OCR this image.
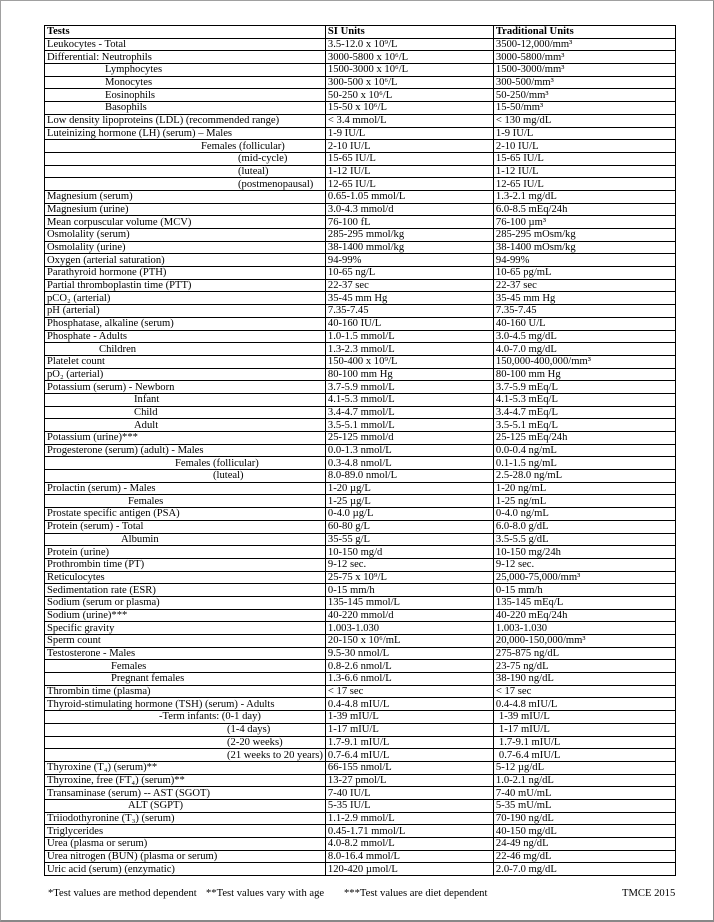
Tests	SI Units	Traditional Units
Leukocytes - Total	3.5-12.0 x 10⁹/L	3500-12,000/mm³
Differential: Neutrophils	3000-5800 x 10⁶/L	3000-5800/mm³
Lymphocytes	1500-3000 x 10⁶/L	1500-3000/mm³
Monocytes	300-500 x 10⁶/L	300-500/mm³
Eosinophils	50-250 x 10⁶/L	50-250/mm³
Basophils	15-50 x 10⁶/L	15-50/mm³
Low density lipoproteins (LDL) (recommended range)	< 3.4 mmol/L	< 130 mg/dL
Luteinizing hormone (LH) (serum) – Males	1-9 IU/L	1-9 IU/L
Females (follicular)	2-10 IU/L	2-10 IU/L
(mid-cycle)	15-65 IU/L	15-65 IU/L
(luteal)	1-12 IU/L	1-12 IU/L
(postmenopausal)	12-65 IU/L	12-65 IU/L
Magnesium (serum)	0.65-1.05 mmol/L	1.3-2.1 mg/dL
Magnesium (urine)	3.0-4.3 mmol/d	6.0-8.5 mEq/24h
Mean corpuscular volume (MCV)	76-100 fL	76-100 µm³
Osmolality (serum)	285-295 mmol/kg	285-295 mOsm/kg
Osmolality (urine)	38-1400 mmol/kg	38-1400 mOsm/kg
Oxygen (arterial saturation)	94-99%	94-99%
Parathyroid hormone (PTH)	10-65 ng/L	10-65 pg/mL
Partial thromboplastin time (PTT)	22-37 sec	22-37 sec
pCO₂ (arterial)	35-45 mm Hg	35-45 mm Hg
pH (arterial)	7.35-7.45	7.35-7.45
Phosphatase, alkaline (serum)	40-160 IU/L	40-160 U/L
Phosphate - Adults	1.0-1.5 mmol/L	3.0-4.5 mg/dL
Children	1.3-2.3 mmol/L	4.0-7.0 mg/dL
Platelet count	150-400 x 10⁹/L	150,000-400,000/mm³
pO₂ (arterial)	80-100 mm Hg	80-100 mm Hg
Potassium (serum) - Newborn	3.7-5.9 mmol/L	3.7-5.9 mEq/L
Infant	4.1-5.3 mmol/L	4.1-5.3 mEq/L
Child	3.4-4.7 mmol/L	3.4-4.7 mEq/L
Adult	3.5-5.1 mmol/L	3.5-5.1 mEq/L
Potassium (urine)***	25-125 mmol/d	25-125 mEq/24h
Progesterone (serum) (adult) - Males	0.0-1.3 nmol/L	0.0-0.4 ng/mL
Females (follicular)	0.3-4.8 nmol/L	0.1-1.5 ng/mL
(luteal)	8.0-89.0 nmol/L	2.5-28.0 ng/mL
Prolactin (serum) - Males	1-20 µg/L	1-20 ng/mL
Females	1-25 µg/L	1-25 ng/mL
Prostate specific antigen (PSA)	0-4.0 µg/L	0-4.0 ng/mL
Protein (serum) - Total	60-80 g/L	6.0-8.0 g/dL
Albumin	35-55 g/L	3.5-5.5 g/dL
Protein (urine)	10-150 mg/d	10-150 mg/24h
Prothrombin time (PT)	9-12 sec.	9-12 sec.
Reticulocytes	25-75 x 10⁹/L	25,000-75,000/mm³
Sedimentation rate (ESR)	0-15 mm/h	0-15 mm/h
Sodium (serum or plasma)	135-145 mmol/L	135-145 mEq/L
Sodium (urine)***	40-220 mmol/d	40-220 mEq/24h
Specific gravity	1.003-1.030	1.003-1.030
Sperm count	20-150 x 10⁶/mL	20,000-150,000/mm³
Testosterone - Males	9.5-30 nmol/L	275-875 ng/dL
Females	0.8-2.6 nmol/L	23-75 ng/dL
Pregnant females	1.3-6.6 nmol/L	38-190 ng/dL
Thrombin time (plasma)	< 17 sec	< 17 sec
Thyroid-stimulating hormone (TSH) (serum) - Adults	0.4-4.8 mIU/L	0.4-4.8 mIU/L
-Term infants: (0-1 day)	1-39 mIU/L	1-39 mIU/L
(1-4 days)	1-17 mIU/L	1-17 mIU/L
(2-20 weeks)	1.7-9.1 mIU/L	1.7-9.1 mIU/L
(21 weeks to 20 years)	0.7-6.4 mIU/L	0.7-6.4 mIU/L
Thyroxine (T₄) (serum)**	66-155 nmol/L	5-12 µg/dL
Thyroxine, free (FT₄) (serum)**	13-27 pmol/L	1.0-2.1 ng/dL
Transaminase (serum) -- AST (SGOT)	7-40 IU/L	7-40 mU/mL
ALT (SGPT)	5-35 IU/L	5-35 mU/mL
Triiodothyronine (T₃) (serum)	1.1-2.9 mmol/L	70-190 ng/dL
Triglycerides	0.45-1.71 mmol/L	40-150 mg/dL
Urea (plasma or serum)	4.0-8.2 mmol/L	24-49 ng/dL
Urea nitrogen (BUN) (plasma or serum)	8.0-16.4 mmol/L	22-46 mg/dL
Uric acid (serum) (enzymatic)	120-420 µmol/L	2.0-7.0 mg/dL
*Test values are method dependent **Test values vary with age ***Test values are diet dependent	TMCE 2015
